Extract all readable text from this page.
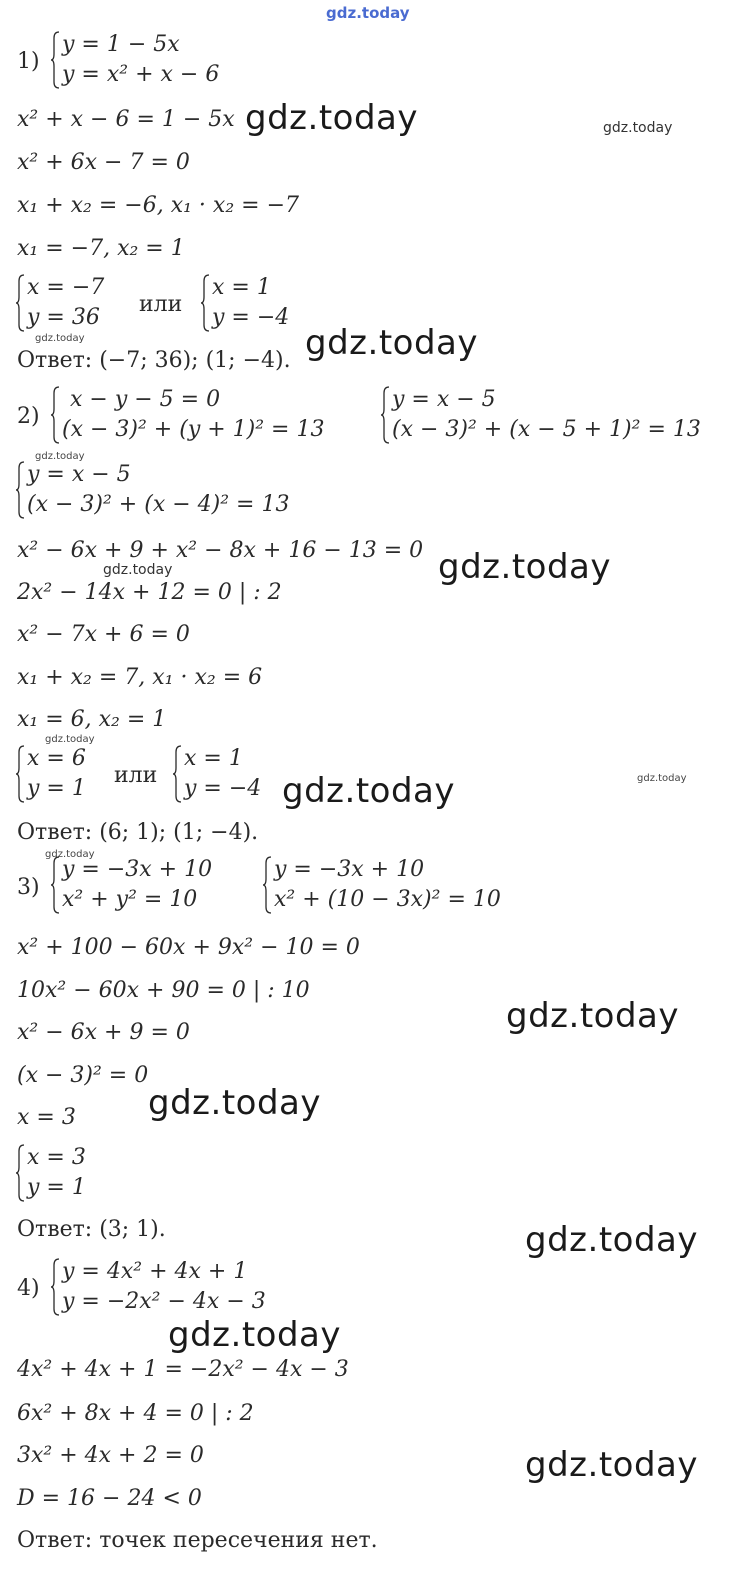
gdz.today
gdz.today	gdz.today
gdz.today
gdz.today
gdz.today
gdz.today
gdz.today
gdz.today
gdz.today
gdz.today
gdz.today
gdz.today
gdz.today
gdz.today
gdz.today
gdz.today
1)
y = 1 − 5x
y = x² + x − 6
x² + x − 6 = 1 − 5x
x² + 6x − 7 = 0
x₁ + x₂ = −6, x₁ · x₂ = −7
x₁ = −7, x₂ = 1
x = −7
y = 36
или
x = 1
y = −4
Ответ: (−7; 36); (1; −4).
2)
x − y − 5 = 0
(x − 3)² + (y + 1)² = 13
y = x − 5
(x − 3)² + (x − 5 + 1)² = 13
y = x − 5
(x − 3)² + (x − 4)² = 13
x² − 6x + 9 + x² − 8x + 16 − 13 = 0
2x² − 14x + 12 = 0 | : 2
x² − 7x + 6 = 0
x₁ + x₂ = 7, x₁ · x₂ = 6
x₁ = 6, x₂ = 1
x = 6
y = 1
или
x = 1
y = −4
Ответ: (6; 1); (1; −4).
3)
y = −3x + 10
x² + y² = 10
y = −3x + 10
x² + (10 − 3x)² = 10
x² + 100 − 60x + 9x² − 10 = 0
10x² − 60x + 90 = 0 | : 10
x² − 6x + 9 = 0
(x − 3)² = 0
x = 3
x = 3
y = 1
Ответ: (3; 1).
4)
y = 4x² + 4x + 1
y = −2x² − 4x − 3
4x² + 4x + 1 = −2x² − 4x − 3
6x² + 8x + 4 = 0 | : 2
3x² + 4x + 2 = 0
D = 16 − 24 < 0
Ответ: точек пересечения нет.
